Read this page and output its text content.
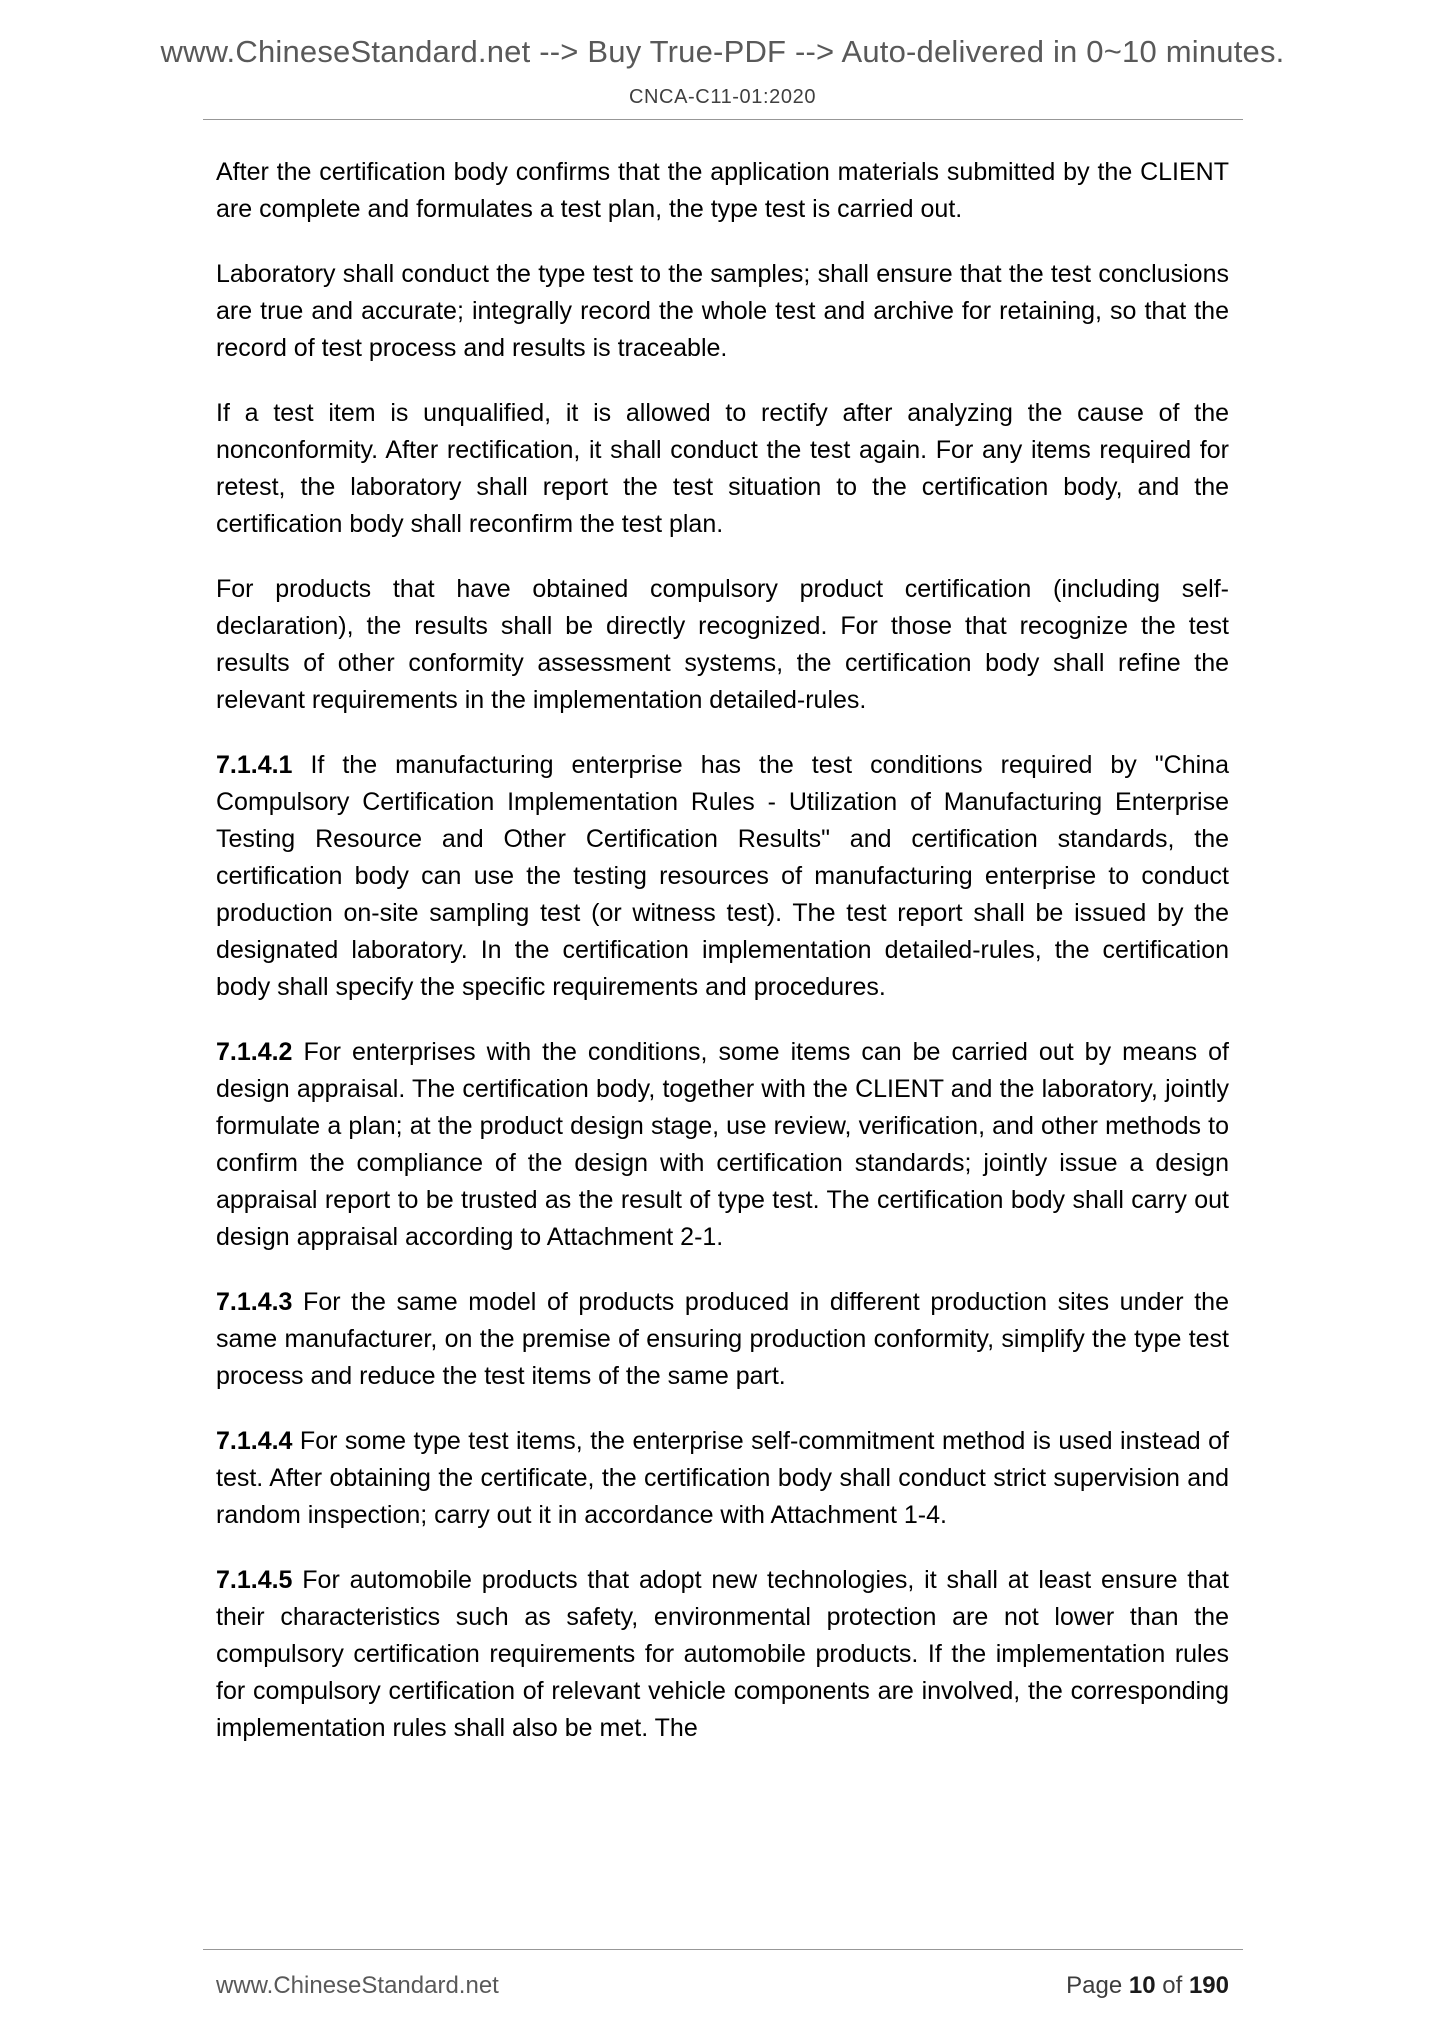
www.ChineseStandard.net --> Buy True-PDF --> Auto-delivered in 0~10 minutes.
CNCA-C11-01:2020

After the certification body confirms that the application materials submitted by the CLIENT are complete and formulates a test plan, the type test is carried out.

Laboratory shall conduct the type test to the samples; shall ensure that the test conclusions are true and accurate; integrally record the whole test and archive for retaining, so that the record of test process and results is traceable.

If a test item is unqualified, it is allowed to rectify after analyzing the cause of the nonconformity. After rectification, it shall conduct the test again. For any items required for retest, the laboratory shall report the test situation to the certification body, and the certification body shall reconfirm the test plan.

For products that have obtained compulsory product certification (including self-declaration), the results shall be directly recognized. For those that recognize the test results of other conformity assessment systems, the certification body shall refine the relevant requirements in the implementation detailed-rules.

7.1.4.1 If the manufacturing enterprise has the test conditions required by "China Compulsory Certification Implementation Rules - Utilization of Manufacturing Enterprise Testing Resource and Other Certification Results" and certification standards, the certification body can use the testing resources of manufacturing enterprise to conduct production on-site sampling test (or witness test). The test report shall be issued by the designated laboratory. In the certification implementation detailed-rules, the certification body shall specify the specific requirements and procedures.

7.1.4.2 For enterprises with the conditions, some items can be carried out by means of design appraisal. The certification body, together with the CLIENT and the laboratory, jointly formulate a plan; at the product design stage, use review, verification, and other methods to confirm the compliance of the design with certification standards; jointly issue a design appraisal report to be trusted as the result of type test. The certification body shall carry out design appraisal according to Attachment 2-1.

7.1.4.3 For the same model of products produced in different production sites under the same manufacturer, on the premise of ensuring production conformity, simplify the type test process and reduce the test items of the same part.

7.1.4.4 For some type test items, the enterprise self-commitment method is used instead of test. After obtaining the certificate, the certification body shall conduct strict supervision and random inspection; carry out it in accordance with Attachment 1-4.

7.1.4.5 For automobile products that adopt new technologies, it shall at least ensure that their characteristics such as safety, environmental protection are not lower than the compulsory certification requirements for automobile products. If the implementation rules for compulsory certification of relevant vehicle components are involved, the corresponding implementation rules shall also be met. The

www.ChineseStandard.net	Page 10 of 190
